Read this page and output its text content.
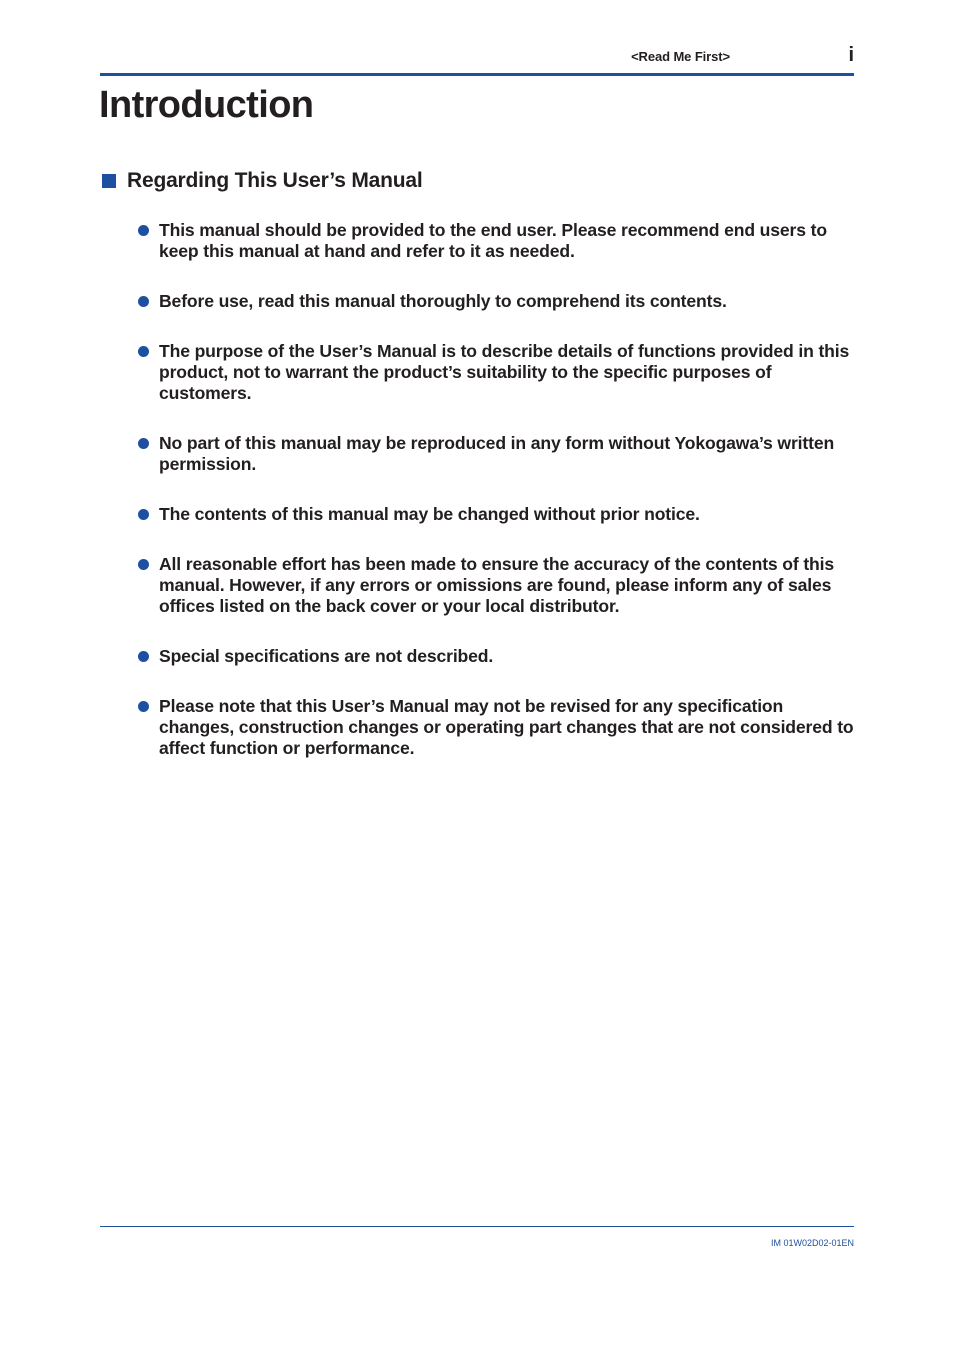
<Read Me First>	i
Introduction
Regarding This User’s Manual
This manual should be provided to the end user. Please recommend end users to keep this manual at hand and refer to it as needed.
Before use, read this manual thoroughly to comprehend its contents.
The purpose of the User’s Manual is to describe details of functions provided in this product, not to warrant the product’s suitability to the specific purposes of customers.
No part of this manual may be reproduced in any form without Yokogawa’s written permission.
The contents of this manual may be changed without prior notice.
All reasonable effort has been made to ensure the accuracy of the contents of this manual. However, if any errors or omissions are found, please inform any of sales offices listed on the back cover or your local distributor.
Special specifications are not described.
Please note that this User’s Manual may not be revised for any specification changes, construction changes or operating part changes that are not considered to affect function or performance.
IM 01W02D02-01EN
